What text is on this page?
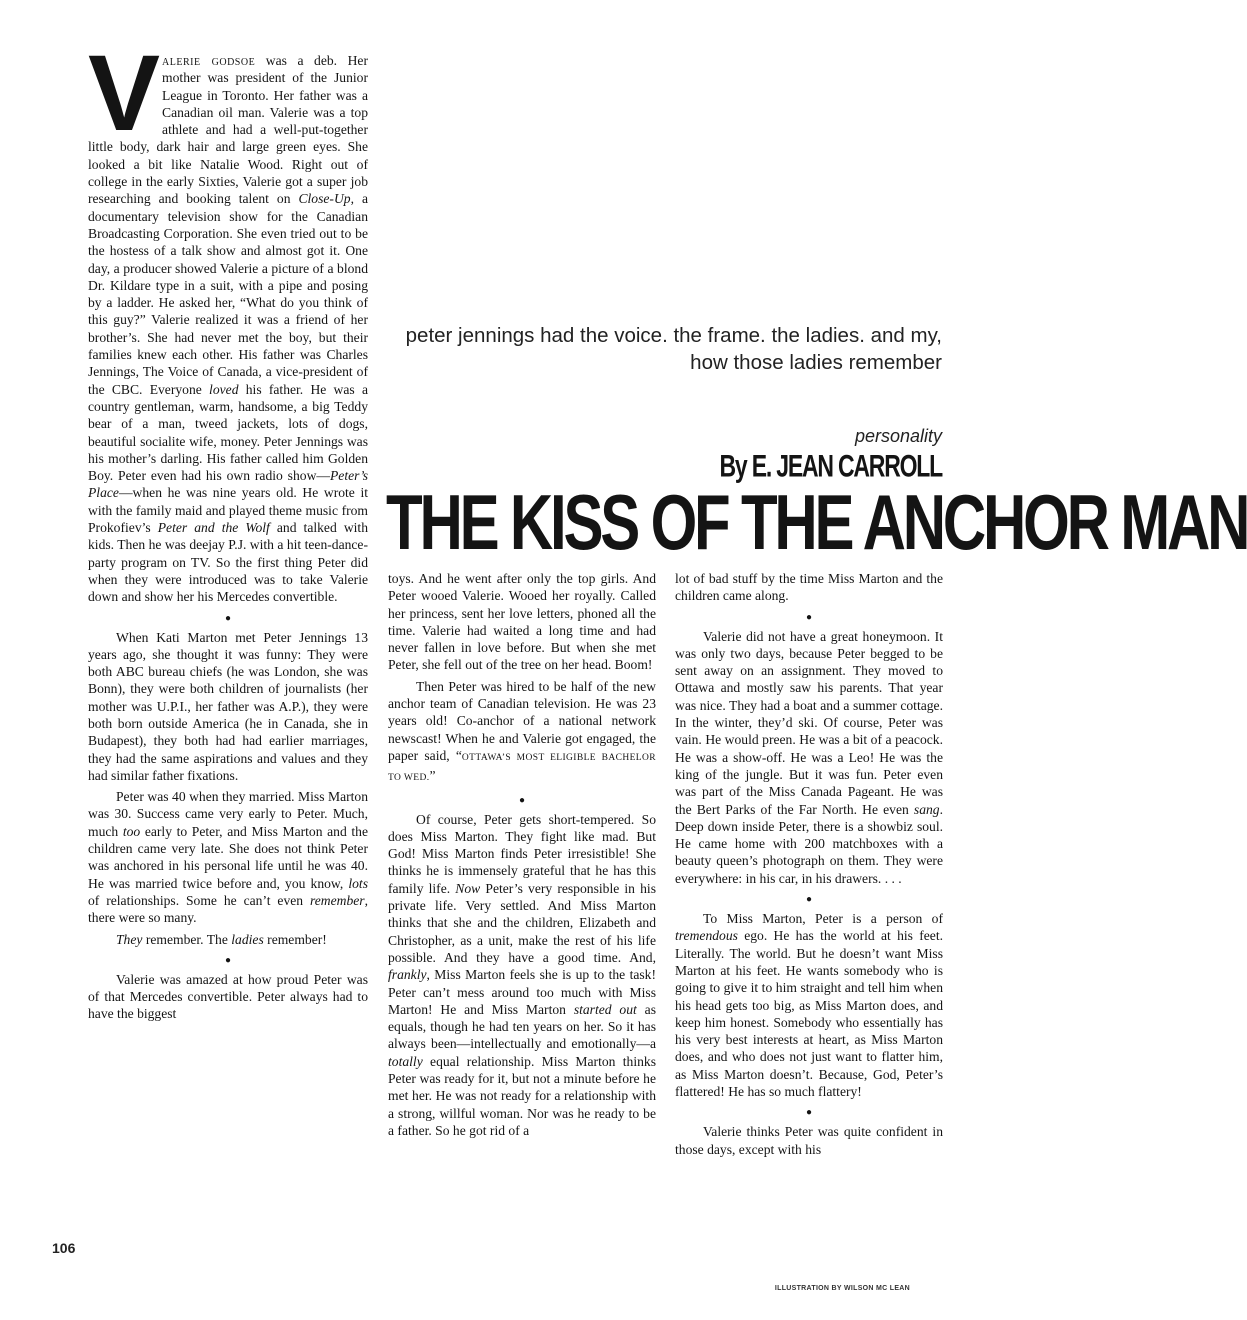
Valerie godsoe was a deb. Her mother was president of the Junior League in Toronto. Her father was a Canadian oil man. Valerie was a top athlete and had a well-put-together little body, dark hair and large green eyes. She looked a bit like Natalie Wood. Right out of college in the early Sixties, Valerie got a super job researching and booking talent on Close-Up, a documentary television show for the Canadian Broadcasting Corporation. She even tried out to be the hostess of a talk show and almost got it. One day, a producer showed Valerie a picture of a blond Dr. Kildare type in a suit, with a pipe and posing by a ladder. He asked her, “What do you think of this guy?” Valerie realized it was a friend of her brother’s. She had never met the boy, but their families knew each other. His father was Charles Jennings, The Voice of Canada, a vice-president of the CBC. Everyone loved his father. He was a country gentleman, warm, handsome, a big Teddy bear of a man, tweed jackets, lots of dogs, beautiful socialite wife, money. Peter Jennings was his mother’s darling. His father called him Golden Boy. Peter even had his own radio show—Peter’s Place—when he was nine years old. He wrote it with the family maid and played theme music from Prokofiev’s Peter and the Wolf and talked with kids. Then he was deejay P.J. with a hit teen-dance-party program on TV. So the first thing Peter did when they were introduced was to take Valerie down and show her his Mercedes convertible.

●

When Kati Marton met Peter Jennings 13 years ago, she thought it was funny: They were both ABC bureau chiefs (he was London, she was Bonn), they were both children of journalists (her mother was U.P.I., her father was A.P.), they were both born outside America (he in Canada, she in Budapest), they both had had earlier marriages, they had the same aspirations and values and they had similar father fixations.

Peter was 40 when they married. Miss Marton was 30. Success came very early to Peter. Much, much too early to Peter, and Miss Marton and the children came very late. She does not think Peter was anchored in his personal life until he was 40. He was married twice before and, you know, lots of relationships. Some he can’t even remember, there were so many.

They remember. The ladies remember!

●

Valerie was amazed at how proud Peter was of that Mercedes convertible. Peter always had to have the biggest

peter jennings had the voice. the frame. the ladies. and my, how those ladies remember
personality
By E. JEAN CARROLL
THE KISS OF THE ANCHOR MAN

toys. And he went after only the top girls. And Peter wooed Valerie. Wooed her royally. Called her princess, sent her love letters, phoned all the time. Valerie had waited a long time and had never fallen in love before. But when she met Peter, she fell out of the tree on her head. Boom!

Then Peter was hired to be half of the new anchor team of Canadian television. He was 23 years old! Co-anchor of a national network newscast! When he and Valerie got engaged, the paper said, “OTTAWA’S MOST ELIGIBLE BACHELOR TO WED.”

●

Of course, Peter gets short-tempered. So does Miss Marton. They fight like mad. But God! Miss Marton finds Peter irresistible! She thinks he is immensely grateful that he has this family life. Now Peter’s very responsible in his private life. Very settled. And Miss Marton thinks that she and the children, Elizabeth and Christopher, as a unit, make the rest of his life possible. And they have a good time. And, frankly, Miss Marton feels she is up to the task! Peter can’t mess around too much with Miss Marton! He and Miss Marton started out as equals, though he had ten years on her. So it has always been—intellectually and emotionally—a totally equal relationship. Miss Marton thinks Peter was ready for it, but not a minute before he met her. He was not ready for a relationship with a strong, willful woman. Nor was he ready to be a father. So he got rid of a

lot of bad stuff by the time Miss Marton and the children came along.

●

Valerie did not have a great honeymoon. It was only two days, because Peter begged to be sent away on an assignment. They moved to Ottawa and mostly saw his parents. That year was nice. They had a boat and a summer cottage. In the winter, they’d ski. Of course, Peter was vain. He would preen. He was a bit of a peacock. He was a show-off. He was a Leo! He was the king of the jungle. But it was fun. Peter even was part of the Miss Canada Pageant. He was the Bert Parks of the Far North. He even sang. Deep down inside Peter, there is a showbiz soul. He came home with 200 matchboxes with a beauty queen’s photograph on them. They were everywhere: in his car, in his drawers. . . .

●

To Miss Marton, Peter is a person of tremendous ego. He has the world at his feet. Literally. The world. But he doesn’t want Miss Marton at his feet. He wants somebody who is going to give it to him straight and tell him when his head gets too big, as Miss Marton does, and keep him honest. Somebody who essentially has his very best interests at heart, as Miss Marton does, and who does not just want to flatter him, as Miss Marton doesn’t. Because, God, Peter’s flattered! He has so much flattery!

●

Valerie thinks Peter was quite confident in those days, except with his

106
ILLUSTRATION BY WILSON MC LEAN
